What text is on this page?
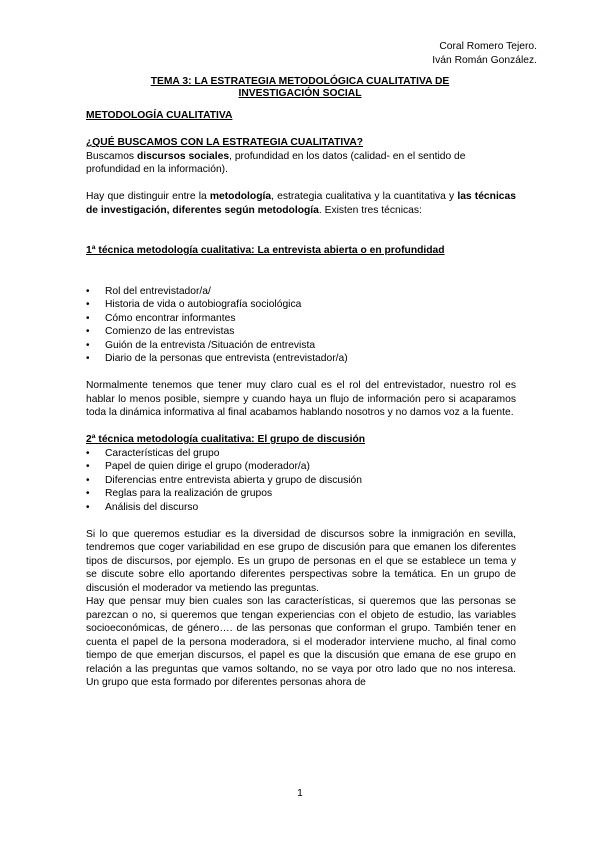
Coral Romero Tejero.
Iván Román González.
TEMA 3: LA ESTRATEGIA METODOLÓGICA CUALITATIVA DE
INVESTIGACIÓN SOCIAL

METODOLOGÍA CUALITATIVA

¿QUÉ BUSCAMOS CON LA ESTRATEGIA CUALITATIVA?

Buscamos discursos sociales, profundidad en los datos (calidad- en el sentido de profundidad en la información).

Hay que distinguir entre la metodología, estrategia cualitativa y la cuantitativa y las técnicas de investigación, diferentes según metodología. Existen tres técnicas:

1ª técnica metodología cualitativa: La entrevista abierta o en profundidad

• Rol del entrevistador/a/
• Historia de vida o autobiografía sociológica
• Cómo encontrar informantes
• Comienzo de las entrevistas
• Guión de la entrevista /Situación de entrevista
• Diario de la personas que entrevista (entrevistador/a)

Normalmente tenemos que tener muy claro cual es el rol del entrevistador, nuestro rol es hablar lo menos posible, siempre y cuando haya un flujo de información pero si acaparamos toda la dinámica informativa al final acabamos hablando nosotros y no damos voz a la fuente.

2ª técnica metodología cualitativa: El grupo de discusión

• Características del grupo
• Papel de quien dirige el grupo (moderador/a)
• Diferencias entre entrevista abierta y grupo de discusión
• Reglas para la realización de grupos
• Análisis del discurso

Si lo que queremos estudiar es la diversidad de discursos sobre la inmigración en sevilla, tendremos que coger variabilidad en ese grupo de discusión para que emanen los diferentes tipos de discursos, por ejemplo. Es un grupo de personas en el que se establece un tema y se discute sobre ello aportando diferentes perspectivas sobre la temática. En un grupo de discusión el moderador va metiendo las preguntas.

Hay que pensar muy bien cuales son las características, si queremos que las personas se parezcan o no, si queremos que tengan experiencias con el objeto de estudio, las variables socioeconómicas, de género…. de las personas que conforman el grupo. También tener en cuenta el papel de la persona moderadora, si el moderador interviene mucho, al final como tiempo de que emerjan discursos, el papel es que la discusión que emana de ese grupo en relación a las preguntas que vamos soltando, no se vaya por otro lado que no nos interesa. Un grupo que esta formado por diferentes personas ahora de

1
